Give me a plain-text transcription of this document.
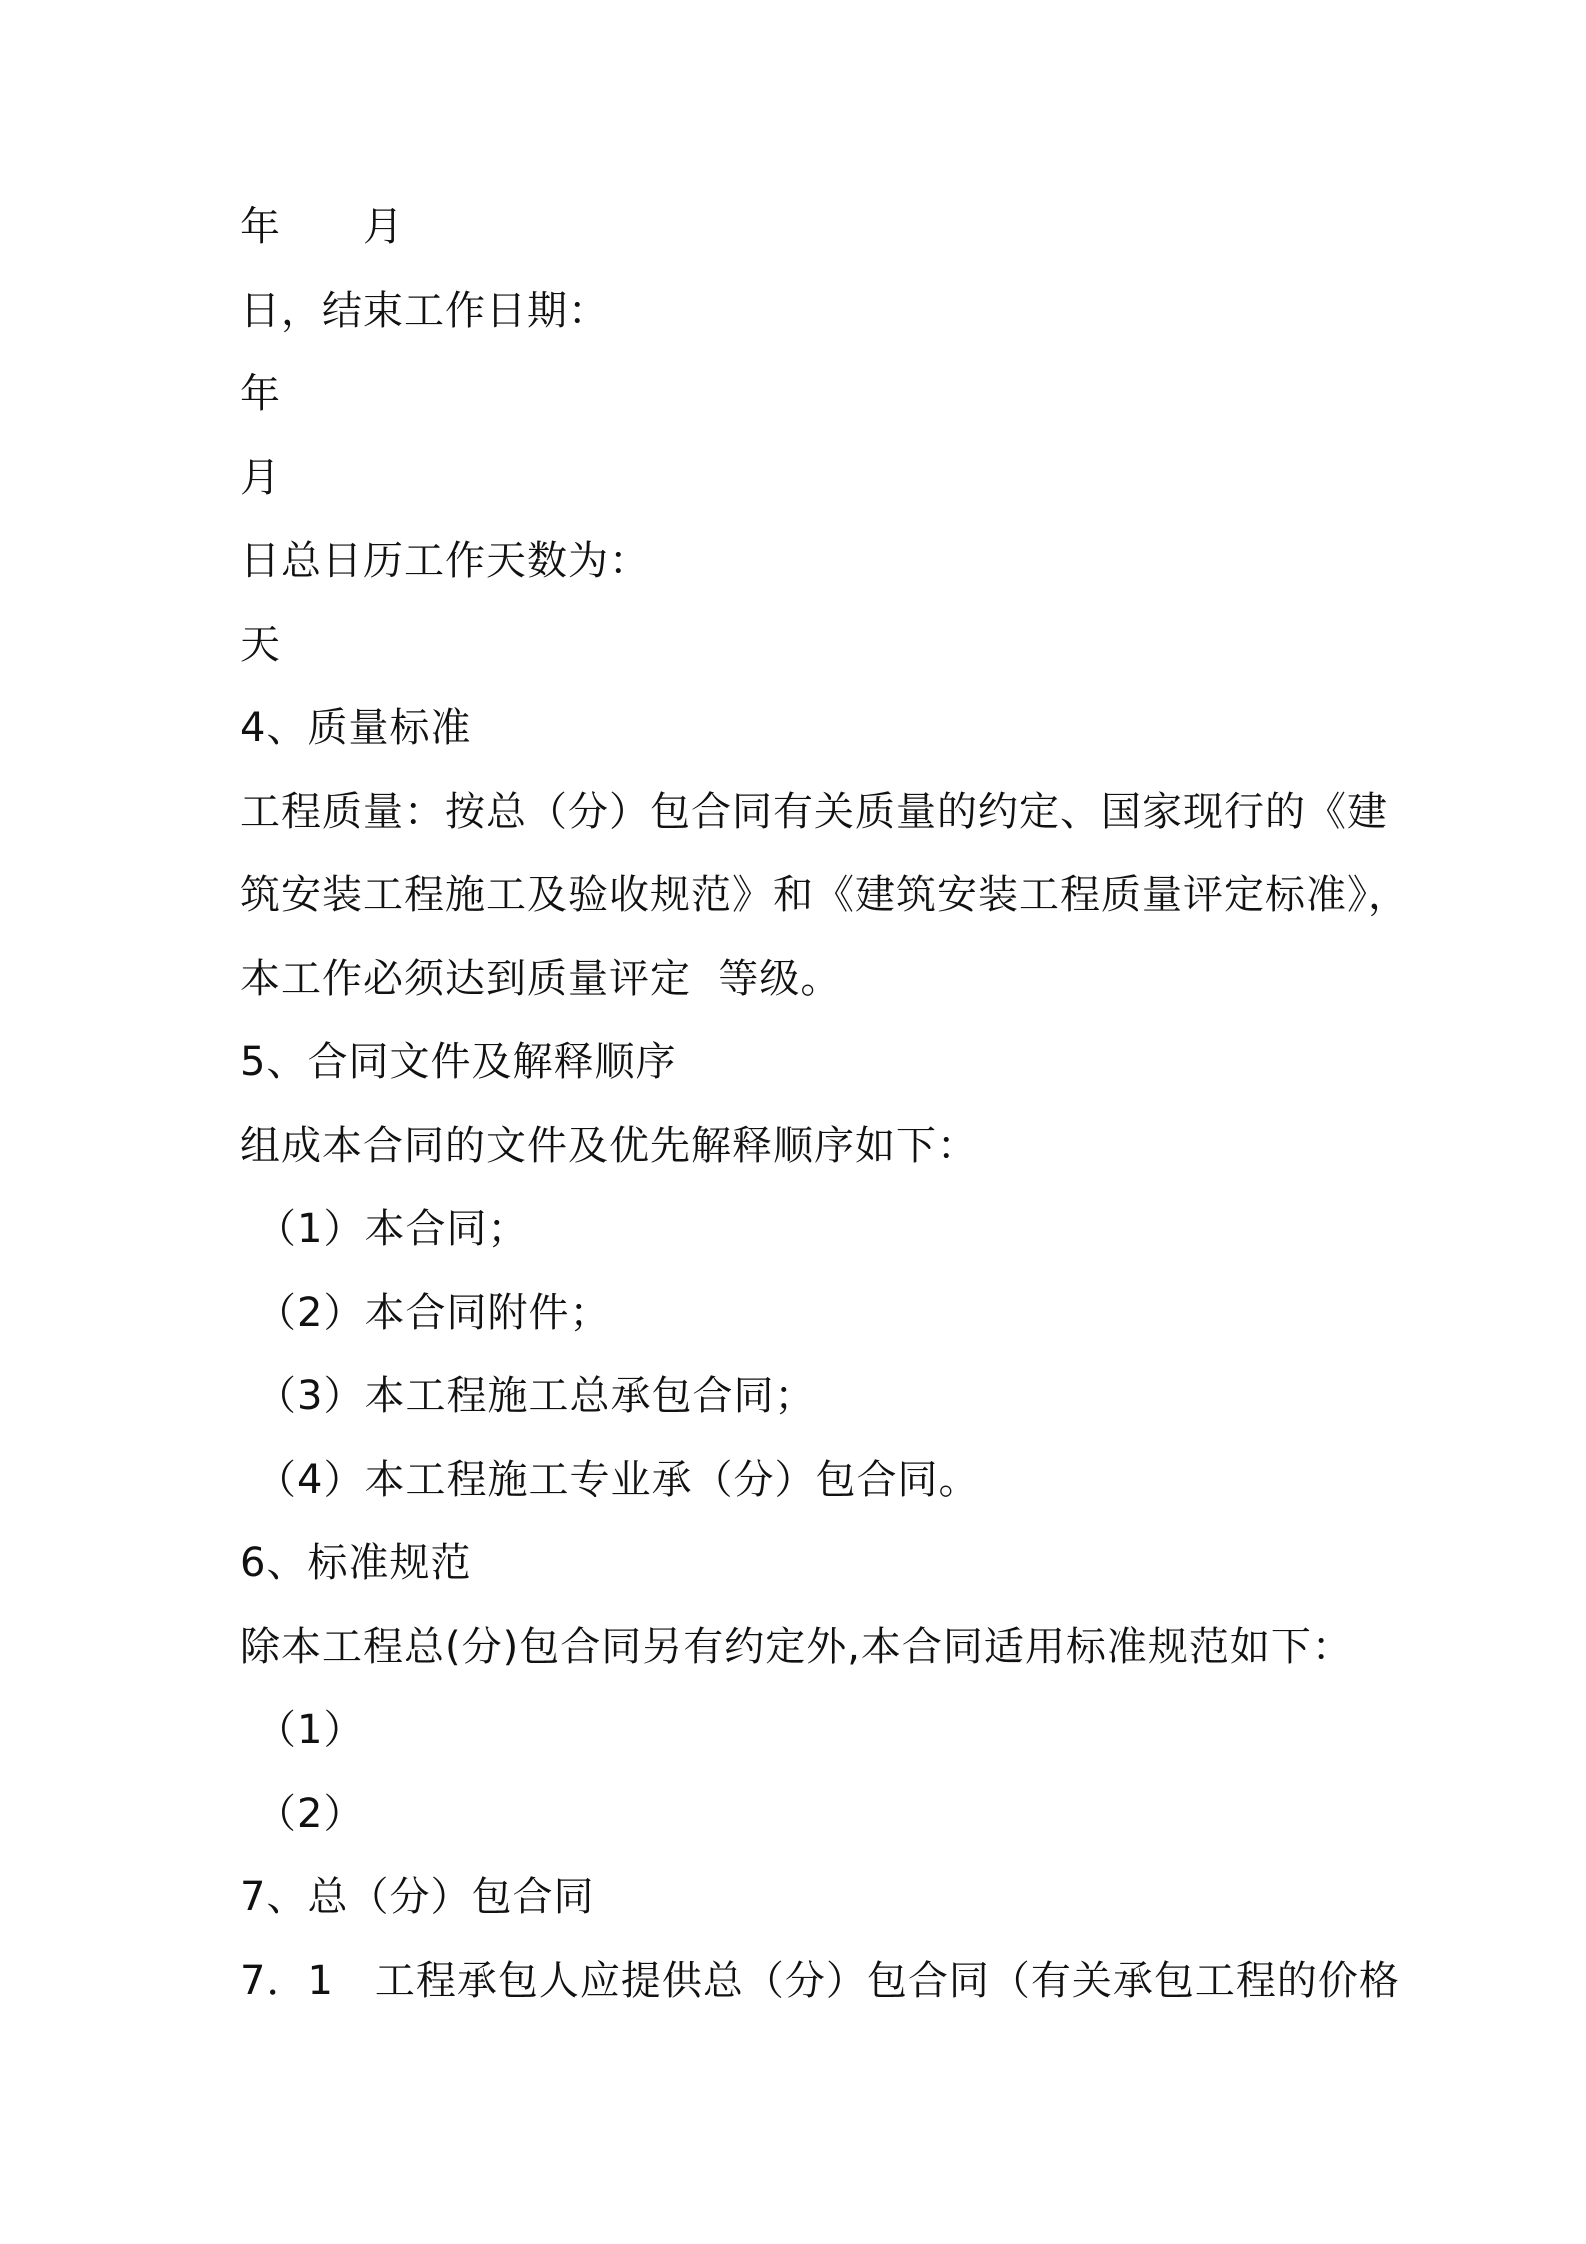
年　　月
日，结束工作日期：
年
月
日总日历工作天数为：
天
4、质量标准
工程质量：按总（分）包合同有关质量的约定、国家现行的《建
筑安装工程施工及验收规范》和《建筑安装工程质量评定标准》，
本工作必须达到质量评定  等级。
5、合同文件及解释顺序
组成本合同的文件及优先解释顺序如下：
（1）本合同；
（2）本合同附件；
（3）本工程施工总承包合同；
（4）本工程施工专业承（分）包合同。
6、标准规范
除本工程总(分)包合同另有约定外,本合同适用标准规范如下：
（1）
（2）
7、总（分）包合同
7．1　工程承包人应提供总（分）包合同（有关承包工程的价格
